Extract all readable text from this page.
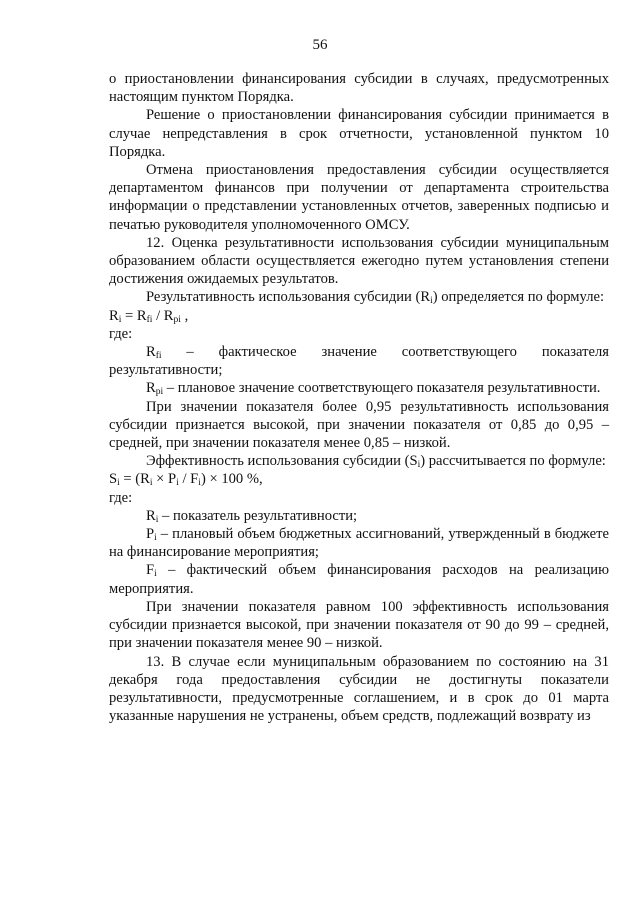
56

о приостановлении финансирования субсидии в случаях, предусмотренных настоящим пунктом Порядка.

Решение о приостановлении финансирования субсидии принимается в случае непредставления в срок отчетности, установленной пунктом 10 Порядка.

Отмена приостановления предоставления субсидии осуществляется департаментом финансов при получении от департамента строительства информации о представлении установленных отчетов, заверенных подписью и печатью руководителя уполномоченного ОМСУ.

12. Оценка результативности использования субсидии муниципальным образованием области осуществляется ежегодно путем установления степени достижения ожидаемых результатов.

Результативность использования субсидии $(R_i)$ определяется по формуле:

$R_i = R_{fi} / R_{pi}$ ,

где:

$R_{fi}$ – фактическое значение соответствующего показателя результативности;

$R_{pi}$ – плановое значение соответствующего показателя результативности.

При значении показателя более 0,95 результативность использования субсидии признается высокой, при значении показателя от 0,85 до 0,95 – средней, при значении показателя менее 0,85 – низкой.

Эффективность использования субсидии $(S_i)$ рассчитывается по формуле:

$S_i = (R_i \times P_i / F_i) \times 100$ %,

где:

$R_i$ – показатель результативности;

$P_i$ – плановый объем бюджетных ассигнований, утвержденный в бюджете на финансирование мероприятия;

$F_i$ – фактический объем финансирования расходов на реализацию мероприятия.

При значении показателя равном 100 эффективность использования субсидии признается высокой, при значении показателя от 90 до 99 – средней, при значении показателя менее 90 – низкой.

13. В случае если муниципальным образованием по состоянию на 31 декабря года предоставления субсидии не достигнуты показатели результативности, предусмотренные соглашением, и в срок до 01 марта указанные нарушения не устранены, объем средств, подлежащий возврату из
